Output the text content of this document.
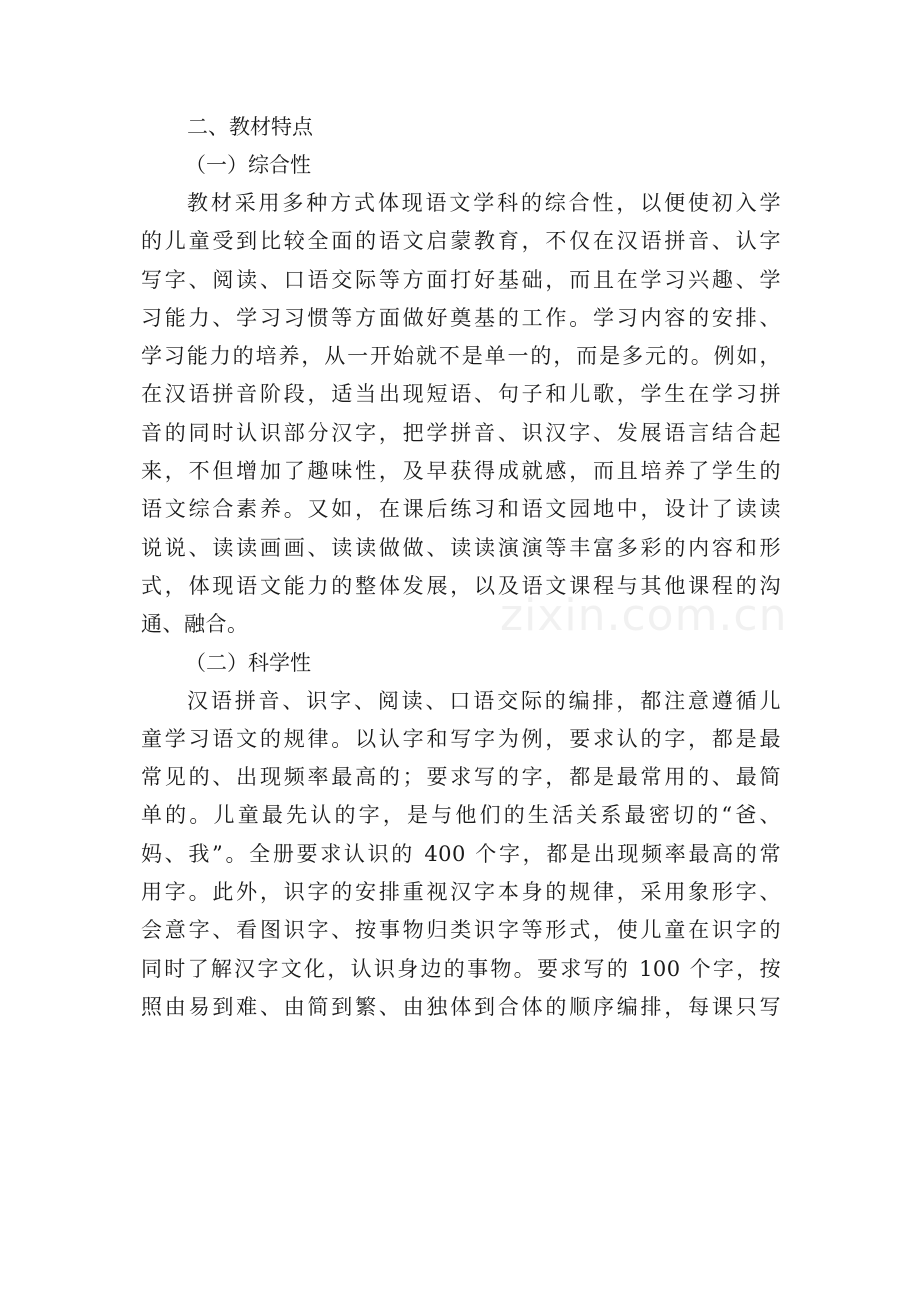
二、教材特点
（一）综合性
教材采用多种方式体现语文学科的综合性，以便使初入学
的儿童受到比较全面的语文启蒙教育，不仅在汉语拼音、认字
写字、阅读、口语交际等方面打好基础，而且在学习兴趣、学
习能力、学习习惯等方面做好奠基的工作。学习内容的安排、
学习能力的培养，从一开始就不是单一的，而是多元的。例如，
在汉语拼音阶段，适当出现短语、句子和儿歌，学生在学习拼
音的同时认识部分汉字，把学拼音、识汉字、发展语言结合起
来，不但增加了趣味性，及早获得成就感，而且培养了学生的
语文综合素养。又如，在课后练习和语文园地中，设计了读读
说说、读读画画、读读做做、读读演演等丰富多彩的内容和形
式，体现语文能力的整体发展，以及语文课程与其他课程的沟
通、融合。
（二）科学性
汉语拼音、识字、阅读、口语交际的编排，都注意遵循儿
童学习语文的规律。以认字和写字为例，要求认的字，都是最
常见的、出现频率最高的；要求写的字，都是最常用的、最简
单的。儿童最先认的字，是与他们的生活关系最密切的“爸、
妈、我”。全册要求认识的 400 个字，都是出现频率最高的常
用字。此外，识字的安排重视汉字本身的规律，采用象形字、
会意字、看图识字、按事物归类识字等形式，使儿童在识字的
同时了解汉字文化，认识身边的事物。要求写的 100 个字，按
照由易到难、由简到繁、由独体到合体的顺序编排，每课只写
zixin.com.cn
